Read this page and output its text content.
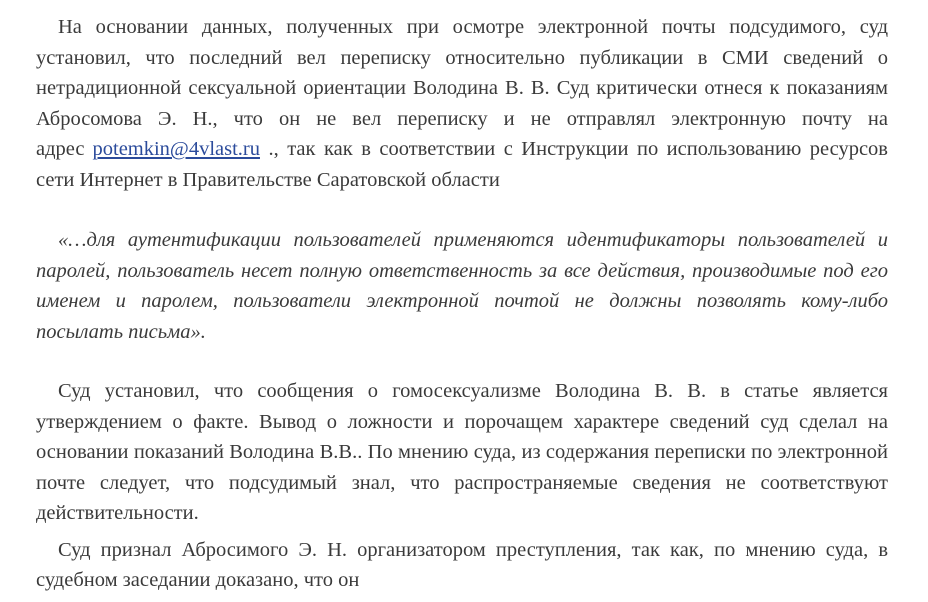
На основании данных, полученных при осмотре электронной почты подсудимого, суд установил, что последний вел переписку относительно публикации в СМИ сведений о нетрадиционной сексуальной ориентации Володина В. В. Суд критически отнеся к показаниям Абросомова Э. Н., что он не вел переписку и не отправлял электронную почту на адрес potemkin@4vlast.ru ., так как в соответствии с Инструкции по использованию ресурсов сети Интернет в Правительстве Саратовской области

«…для аутентификации пользователей применяются идентификаторы пользователей и паролей, пользователь несет полную ответственность за все действия, производимые под его именем и паролем, пользователи электронной почтой не должны позволять кому-либо посылать письма».

Суд установил, что сообщения о гомосексуализме Володина В. В. в статье является утверждением о факте. Вывод о ложности и порочащем характере сведений суд сделал на основании показаний Володина В.В.. По мнению суда, из содержания переписки по электронной почте следует, что подсудимый знал, что распространяемые сведения не соответствуют действительности.

Суд признал Абросимого Э. Н. организатором преступления, так как, по мнению суда, в судебном заседании доказано, что он
